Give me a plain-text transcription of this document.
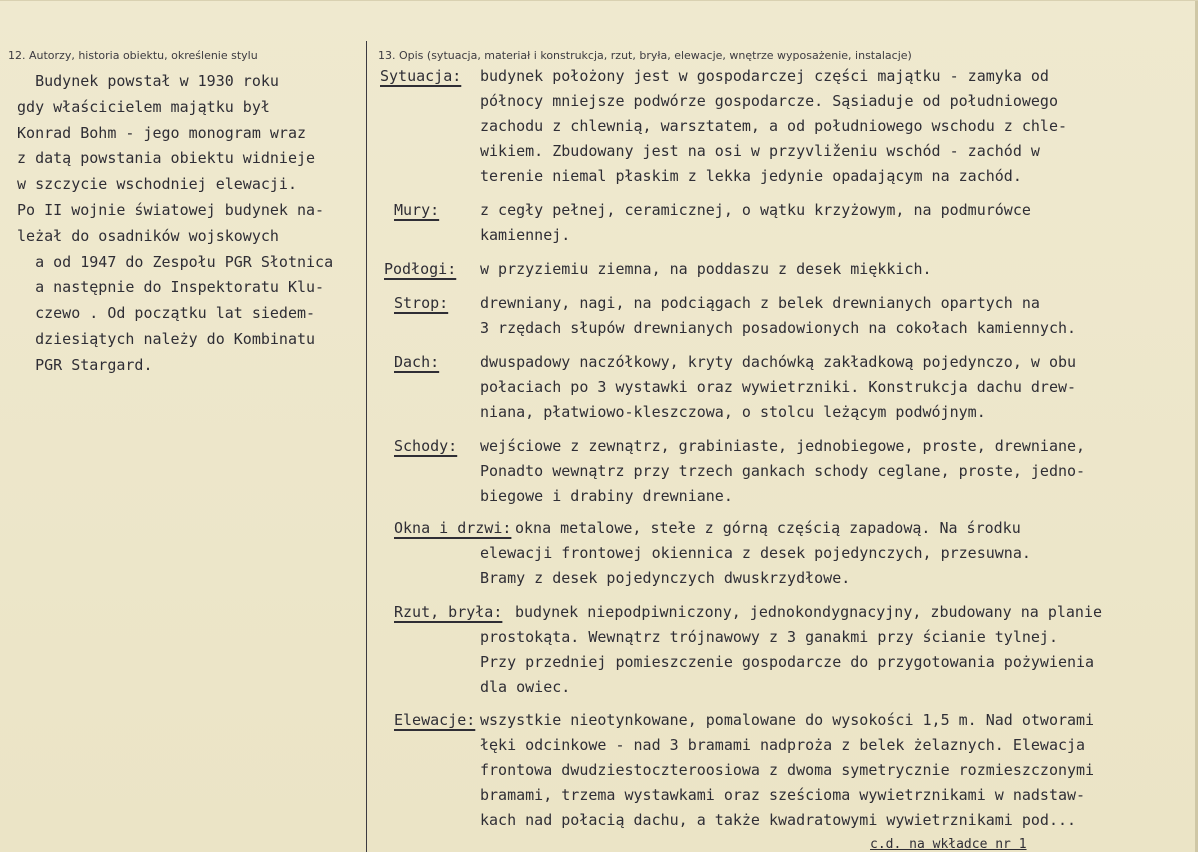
12. Autorzy, historia obiektu, określenie stylu	13. Opis (sytuacja, materiał i konstrukcja, rzut, bryła, elewacje, wnętrze wyposażenie, instalacje)
Budynek powstał w 1930 roku
gdy właścicielem majątku był
Konrad Bohm - jego monogram wraz
z datą powstania obiektu widnieje
w szczycie wschodniej elewacji.
Po II wojnie światowej budynek na-
leżał do osadników wojskowych
a od 1947 do Zespołu PGR Słotnica
a następnie do Inspektoratu Klu-
czewo . Od początku lat siedem-
dziesiątych należy do Kombinatu
PGR Stargard.
Sytuacja: budynek położony jest w gospodarczej części majątku - zamyka od
północy mniejsze podwórze gospodarcze. Sąsiaduje od południowego
zachodu z chlewnią, warsztatem, a od południowego wschodu z chle-
wikiem. Zbudowany jest na osi w przyvliženiu wschód - zachód w
terenie niemal płaskim z lekka jedynie opadającym na zachód.
Mury:	z cegły pełnej, ceramicznej, o wątku krzyżowym, na podmurówce
kamiennej.
Podłogi: w przyziemiu ziemna, na poddaszu z desek miękkich.
Strop: drewniany, nagi, na podciągach z belek drewnianych opartych na
3 rzędach słupów drewnianych posadowionych na cokołach kamiennych.
Dach:	dwuspadowy naczółkowy, kryty dachówką zakładkową pojedynczo, w obu
połaciach po 3 wystawki oraz wywietrzniki. Konstrukcja dachu drew-
niana, płatwiowo-kleszczowa, o stolcu leżącym podwójnym.
Schody: wejściowe z zewnątrz, grabiniaste, jednobiegowe, proste, drewniane,
Ponadto wewnątrz przy trzech gankach schody ceglane, proste, jedno-
biegowe i drabiny drewniane.
Okna i drzwi: okna metalowe, stełe z górną częścią zapadową. Na środku
elewacji frontowej okiennica z desek pojedynczych, przesuwna.
Bramy z desek pojedynczych dwuskrzydłowe.
Rzut, bryła: budynek niepodpiwniczony, jednokondygnacyjny, zbudowany na planie
prostokąta. Wewnątrz trójnawowy z 3 ganakmi przy ścianie tylnej.
Przy przedniej pomieszczenie gospodarcze do przygotowania pożywienia
dla owiec.
Elewacje: wszystkie nieotynkowane, pomalowane do wysokości 1,5 m. Nad otworami
łęki odcinkowe - nad 3 bramami nadproża z belek żelaznych. Elewacja
frontowa dwudziestoczteroosiowa z dwoma symetrycznie rozmieszczonymi
bramami, trzema wystawkami oraz sześcioma wywietrznikami w nadstaw-
kach nad połacią dachu, a także kwadratowymi wywietrznikami pod...
c.d. na wkładce nr 1
